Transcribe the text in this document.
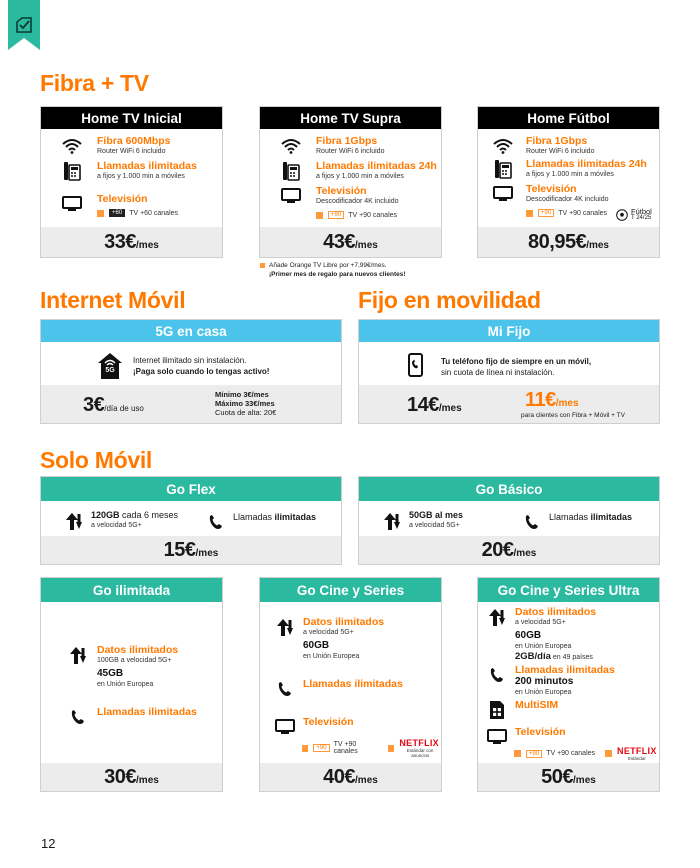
Fibra + TV
Home TV Inicial
Fibra 600Mbps
Router WiFi 6 incluido
Llamadas ilimitadas
a fijos y 1.000 min a móviles
Televisión
+60 TV +60 canales
33€/mes
Home TV Supra
Fibra 1Gbps
Router WiFi 6 incluido
Llamadas ilimitadas 24h
a fijos y 1.000 min a móviles
Televisión
Descodificador 4K incluido
+90 TV +90 canales
43€/mes
Añade Orange TV Libre por +7,99€/mes.
¡Primer mes de regalo para nuevos clientes!
Home Fútbol
Fibra 1Gbps
Router WiFi 6 incluido
Llamadas ilimitadas 24h
a fijos y 1.000 min a móviles
Televisión
Descodificador 4K incluido
+90 TV +90 canales	Fútbol
T 24/25
80,95€/mes
Internet Móvil	Fijo en movilidad
5G en casa
5G
Internet ilimitado sin instalación.
¡Paga solo cuando lo tengas activo!
3€/día de uso
Mínimo 3€/mes
Máximo 33€/mes
Cuota de alta: 20€
Mi Fijo
Tu teléfono fijo de siempre en un móvil,
sin cuota de línea ni instalación.
14€/mes	11€/mes
para clientes con Fibra + Móvil + TV
Solo Móvil
Go Flex
120GB cada 6 meses
a velocidad 5G+
Llamadas ilimitadas
15€/mes
Go Básico
50GB al mes
a velocidad 5G+
Llamadas ilimitadas
20€/mes
Go ilimitada
Datos ilimitados
100GB a velocidad 5G+
45GB
en Unión Europea
Llamadas ilimitadas
30€/mes
Go Cine y Series
Datos ilimitados
a velocidad 5G+
60GB
en Unión Europea
Llamadas ilimitadas
Televisión
+90	TV +90 canales
NETFLIX
Estándar con anuncios
40€/mes
Go Cine y Series Ultra
Datos ilimitados
a velocidad 5G+
60GB
en Unión Europea
2GB/día en 49 países
Llamadas ilimitadas
200 minutos
en Unión Europea
MultiSIM
Televisión
+90	TV +90 canales NETFLIX
Estándar
50€/mes
12
